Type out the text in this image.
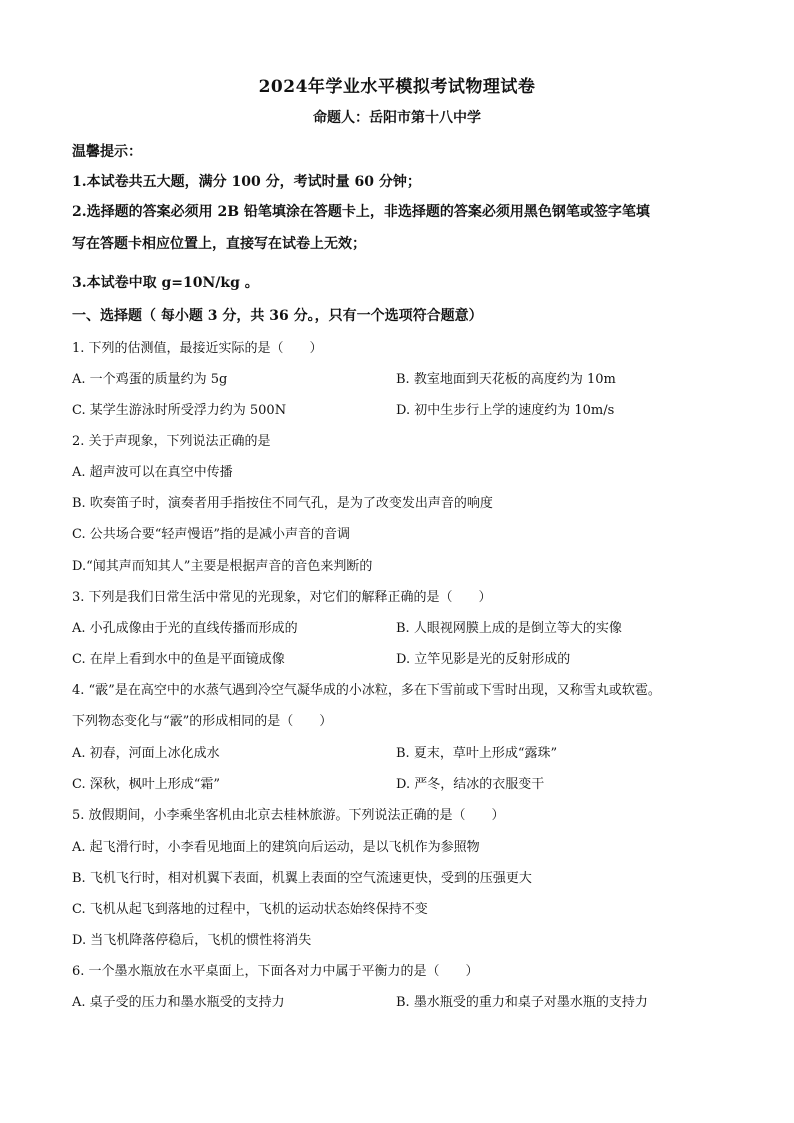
2024年学业水平模拟考试物理试卷
命题人：岳阳市第十八中学
温馨提示：
1.本试卷共五大题，满分 100 分，考试时量 60 分钟；
2.选择题的答案必须用 2B 铅笔填涂在答题卡上，非选择题的答案必须用黑色钢笔或签字笔填
写在答题卡相应位置上，直接写在试卷上无效；
3.本试卷中取 g=10N/kg 。
一、选择题（ 每小题 3 分，共 36 分。，只有一个选项符合题意）
1. 下列的估测值，最接近实际的是（　　）
A. 一个鸡蛋的质量约为 5g	B. 教室地面到天花板的高度约为 10m
C. 某学生游泳时所受浮力约为 500N	D. 初中生步行上学的速度约为 10m/s
2. 关于声现象，下列说法正确的是
A. 超声波可以在真空中传播
B. 吹奏笛子时，演奏者用手指按住不同气孔，是为了改变发出声音的响度
C. 公共场合要“轻声慢语”指的是减小声音的音调
D.“闻其声而知其人”主要是根据声音的音色来判断的
3. 下列是我们日常生活中常见的光现象，对它们的解释正确的是（　　）
A. 小孔成像由于光的直线传播而形成的	B. 人眼视网膜上成的是倒立等大的实像
C. 在岸上看到水中的鱼是平面镜成像	D. 立竿见影是光的反射形成的
4. “霰”是在高空中的水蒸气遇到冷空气凝华成的小冰粒，多在下雪前或下雪时出现，又称雪丸或软雹。
下列物态变化与“霰”的形成相同的是（　　）
A. 初春，河面上冰化成水	B. 夏末，草叶上形成“露珠”
C. 深秋，枫叶上形成“霜”	D. 严冬，结冰的衣服变干
5. 放假期间，小李乘坐客机由北京去桂林旅游。下列说法正确的是（　　）
A. 起飞滑行时，小李看见地面上的建筑向后运动，是以飞机作为参照物
B. 飞机飞行时，相对机翼下表面，机翼上表面的空气流速更快，受到的压强更大
C. 飞机从起飞到落地的过程中，飞机的运动状态始终保持不变
D. 当飞机降落停稳后，飞机的惯性将消失
6. 一个墨水瓶放在水平桌面上，下面各对力中属于平衡力的是（　　）
A. 桌子受的压力和墨水瓶受的支持力	B. 墨水瓶受的重力和桌子对墨水瓶的支持力
